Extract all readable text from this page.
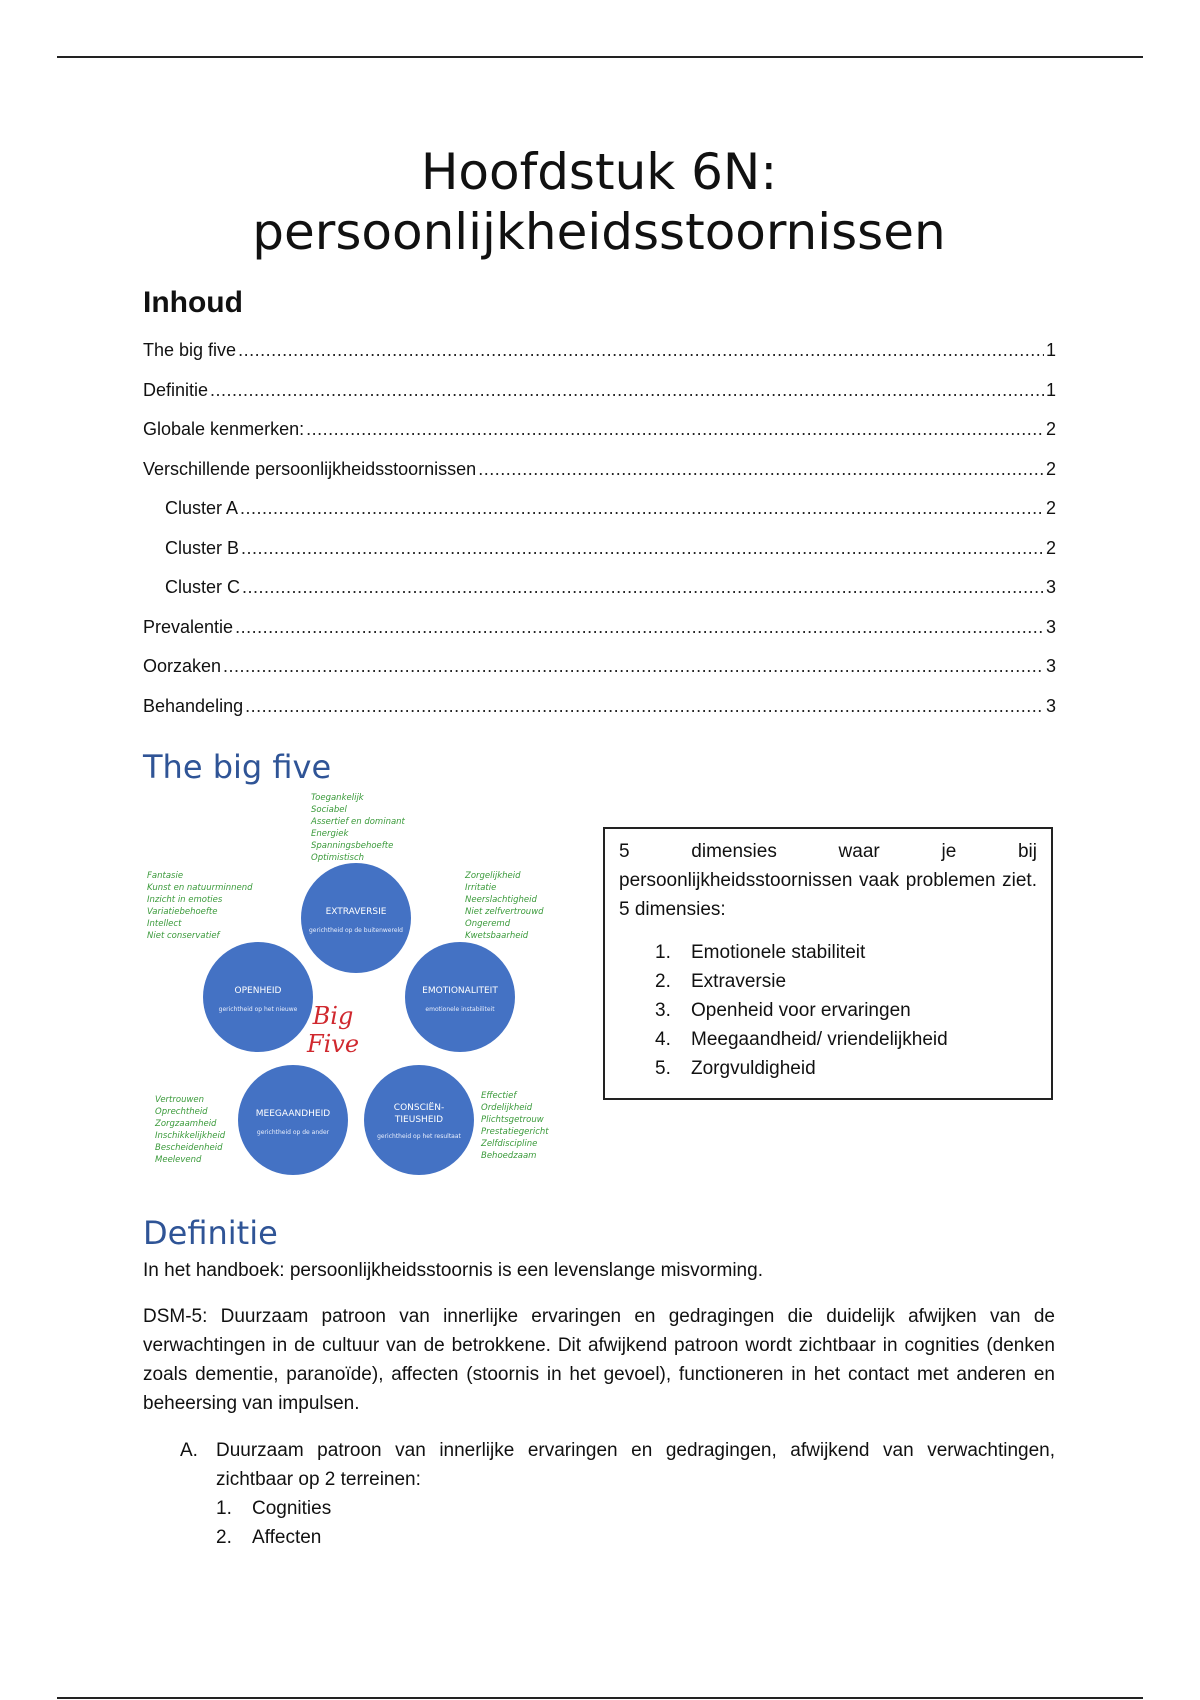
Hoofdstuk 6N:
persoonlijkheidsstoornissen
Inhoud
The big five .....	1
Definitie .....	1
Globale kenmerken: .....	2
Verschillende persoonlijkheidsstoornissen .....	2
Cluster A .....	2
Cluster B .....	2
Cluster C .....	3
Prevalentie .....	3
Oorzaken .....	3
Behandeling .....	3
The big five
EXTRAVERSIE
gerichtheid op de buitenwereld
EMOTIONALITEIT
emotionele instabiliteit
CONSCIËN-
TIEUSHEID
gerichtheid op het resultaat
MEEGAANDHEID
gerichtheid op de ander
OPENHEID
gerichtheid op het nieuwe
Toegankelijk
Sociabel
Assertief en dominant
Energiek
Spanningsbehoefte
Optimistisch
Zorgelijkheid
Irritatie
Neerslachtigheid
Niet zelfvertrouwd
Ongeremd
Kwetsbaarheid
Effectief
Ordelijkheid
Plichtsgetrouw
Prestatiegericht
Zelfdiscipline
Behoedzaam
Vertrouwen
Oprechtheid
Zorgzaamheid
Inschikkelijkheid
Bescheidenheid
Meelevend
Fantasie
Kunst en natuurminnend
Inzicht in emoties
Variatiebehoefte
Intellect
Niet conservatief
Big
Five

5 dimensies waar je bij persoonlijkheidsstoornissen vaak problemen ziet. 5 dimensies:

1.	Emotionele stabiliteit
2.	Extraversie
3.	Openheid voor ervaringen
4.	Meegaandheid/ vriendelijkheid
5.	Zorgvuldigheid
Definitie

In het handboek: persoonlijkheidsstoornis is een levenslange misvorming.

DSM-5: Duurzaam patroon van innerlijke ervaringen en gedragingen die duidelijk afwijken van de verwachtingen in de cultuur van de betrokkene. Dit afwijkend patroon wordt zichtbaar in cognities (denken zoals dementie, paranoïde), affecten (stoornis in het gevoel), functioneren in het contact met anderen en beheersing van impulsen.

A. Duurzaam patroon van innerlijke ervaringen en gedragingen, afwijkend van verwachtingen, zichtbaar op 2 terreinen:
1.	Cognities
2.	Affecten
